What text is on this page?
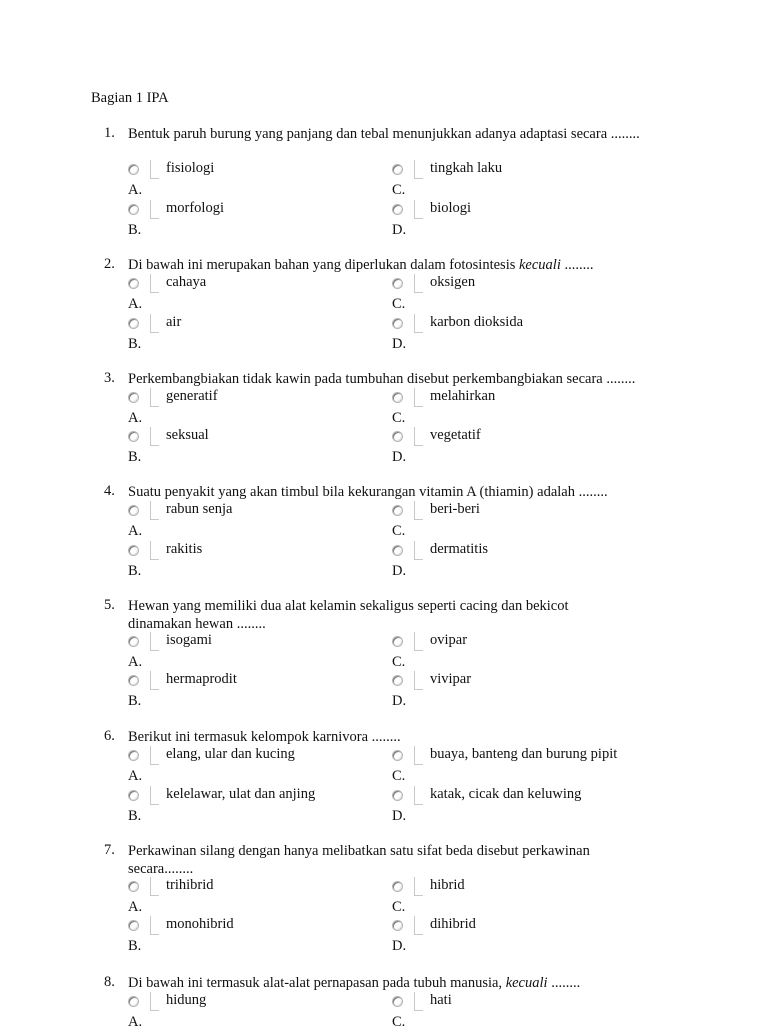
Bagian 1 IPA
1. Bentuk paruh burung yang panjang dan tebal menunjukkan adanya adaptasi secara ........
fisiologi
A.
morfologi
B.
tingkah laku
C.
biologi
D.
2. Di bawah ini merupakan bahan yang diperlukan dalam fotosintesis kecuali ........
cahaya
A.
air
B.
oksigen
C.
karbon dioksida
D.
3. Perkembangbiakan tidak kawin pada tumbuhan disebut perkembangbiakan secara ........
generatif
A.
seksual
B.
melahirkan
C.
vegetatif
D.
4. Suatu penyakit yang akan timbul bila kekurangan vitamin A (thiamin) adalah ........
rabun senja
A.
rakitis
B.
beri-beri
C.
dermatitis
D.
5. Hewan yang memiliki dua alat kelamin sekaligus seperti cacing dan bekicot dinamakan hewan ........
isogami
A.
hermaprodit
B.
ovipar
C.
vivipar
D.
6. Berikut ini termasuk kelompok karnivora ........
elang, ular dan kucing
A.
kelelawar, ulat dan anjing
B.
buaya, banteng dan burung pipit
C.
katak, cicak dan keluwing
D.
7. Perkawinan silang dengan hanya melibatkan satu sifat beda disebut perkawinan secara........
trihibrid
A.
monohibrid
B.
hibrid
C.
dihibrid
D.
8. Di bawah ini termasuk alat-alat pernapasan pada tubuh manusia, kecuali ........
hidung
A.
hati
C.
